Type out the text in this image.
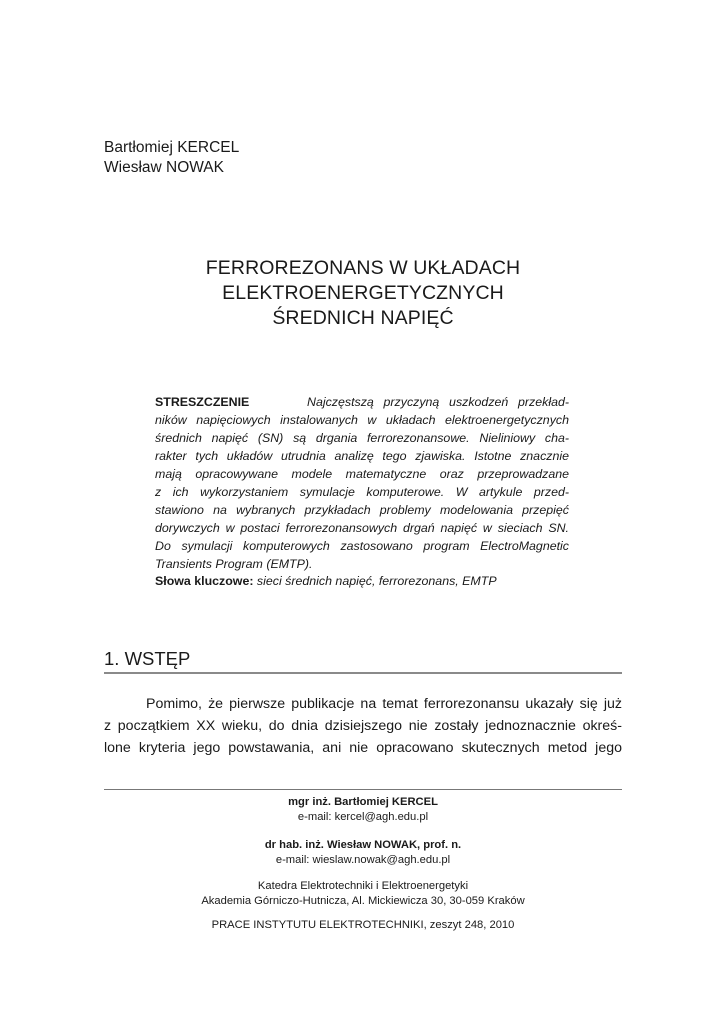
Bartłomiej KERCEL
Wiesław NOWAK
FERROREZONANS W UKŁADACH
ELEKTROENERGETYCZNYCH
ŚREDNICH NAPIĘĆ
STRESZCZENIE	Najczęstszą przyczyną uszkodzeń przekład-
ników napięciowych instalowanych w układach elektroenergetycznych
średnich napięć (SN) są drgania ferrorezonansowe. Nieliniowy cha-
rakter tych układów utrudnia analizę tego zjawiska. Istotne znacznie
mają opracowywane modele matematyczne oraz przeprowadzane
z ich wykorzystaniem symulacje komputerowe. W artykule przed-
stawiono na wybranych przykładach problemy modelowania przepięć
dorywczych w postaci ferrorezonansowych drgań napięć w sieciach SN.
Do symulacji komputerowych zastosowano program ElectroMagnetic
Transients Program (EMTP).
Słowa kluczowe: sieci średnich napięć, ferrorezonans, EMTP
1. WSTĘP
Pomimo, że pierwsze publikacje na temat ferrorezonansu ukazały się już
z początkiem XX wieku, do dnia dzisiejszego nie zostały jednoznacznie okreś-
lone kryteria jego powstawania, ani nie opracowano skutecznych metod jego
mgr inż. Bartłomiej KERCEL
e-mail: kercel@agh.edu.pl
dr hab. inż. Wiesław NOWAK, prof. n.
e-mail: wieslaw.nowak@agh.edu.pl
Katedra Elektrotechniki i Elektroenergetyki
Akademia Górniczo-Hutnicza, Al. Mickiewicza 30, 30-059 Kraków
PRACE INSTYTUTU ELEKTROTECHNIKI, zeszyt 248, 2010
